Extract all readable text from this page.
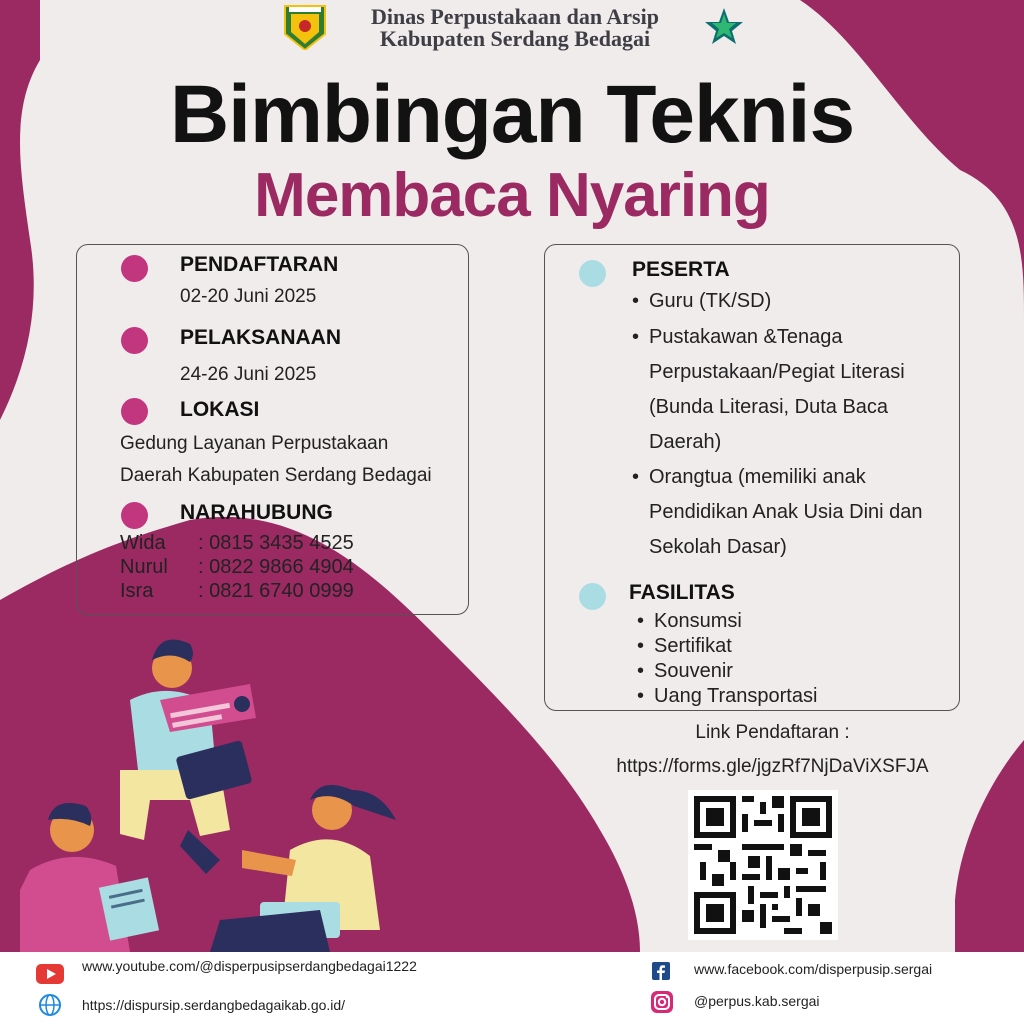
Dinas Perpustakaan dan Arsip
Kabupaten Serdang Bedagai
Bimbingan Teknis
Membaca Nyaring
PENDAFTARAN
02-20 Juni 2025
PELAKSANAAN
24-26 Juni 2025
LOKASI
Gedung Layanan Perpustakaan
Daerah Kabupaten Serdang Bedagai
NARAHUBUNG
Wida : 0815 3435 4525
Nurul : 0822 9866 4904
Isra : 0821 6740 0999
PESERTA
• Guru (TK/SD)
• Pustakawan &Tenaga
Perpustakaan/Pegiat Literasi
(Bunda Literasi, Duta Baca
Daerah)
• Orangtua (memiliki anak
Pendidikan Anak Usia Dini dan
Sekolah Dasar)
FASILITAS
• Konsumsi
• Sertifikat
• Souvenir
• Uang Transportasi
Link Pendaftaran :
https://forms.gle/jgzRf7NjDaViXSFJA
www.youtube.com/@disperpusipserdangbedagai1222
https://dispursip.serdangbedagaikab.go.id/
www.facebook.com/disperpusip.sergai
@perpus.kab.sergai
